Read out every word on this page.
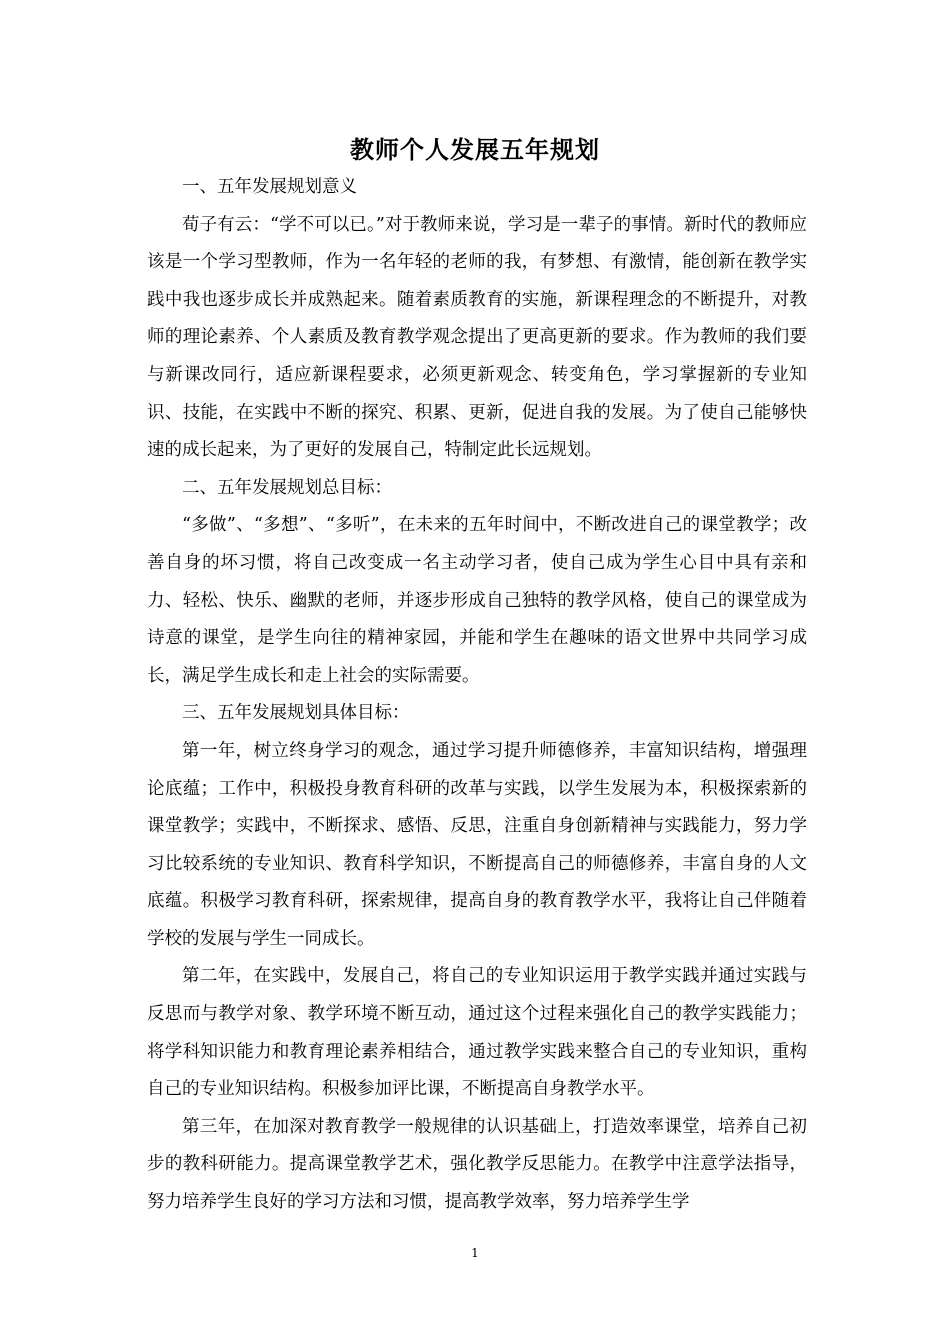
教师个人发展五年规划

一、五年发展规划意义

荀子有云：“学不可以已。”对于教师来说，学习是一辈子的事情。新时代的教师应该是一个学习型教师，作为一名年轻的老师的我，有梦想、有激情，能创新在教学实践中我也逐步成长并成熟起来。随着素质教育的实施，新课程理念的不断提升，对教师的理论素养、个人素质及教育教学观念提出了更高更新的要求。作为教师的我们要与新课改同行，适应新课程要求，必须更新观念、转变角色，学习掌握新的专业知识、技能，在实践中不断的探究、积累、更新，促进自我的发展。为了使自己能够快速的成长起来，为了更好的发展自己，特制定此长远规划。

二、五年发展规划总目标：

“多做”、“多想”、“多听”，在未来的五年时间中，不断改进自己的课堂教学；改善自身的坏习惯，将自己改变成一名主动学习者，使自己成为学生心目中具有亲和力、轻松、快乐、幽默的老师，并逐步形成自己独特的教学风格，使自己的课堂成为诗意的课堂，是学生向往的精神家园，并能和学生在趣味的语文世界中共同学习成长，满足学生成长和走上社会的实际需要。

三、五年发展规划具体目标：

第一年，树立终身学习的观念，通过学习提升师德修养，丰富知识结构，增强理论底蕴；工作中，积极投身教育科研的改革与实践，以学生发展为本，积极探索新的课堂教学；实践中，不断探求、感悟、反思，注重自身创新精神与实践能力，努力学习比较系统的专业知识、教育科学知识，不断提高自己的师德修养，丰富自身的人文底蕴。积极学习教育科研，探索规律，提高自身的教育教学水平，我将让自己伴随着学校的发展与学生一同成长。

第二年，在实践中，发展自己，将自己的专业知识运用于教学实践并通过实践与反思而与教学对象、教学环境不断互动，通过这个过程来强化自己的教学实践能力；将学科知识能力和教育理论素养相结合，通过教学实践来整合自己的专业知识，重构自己的专业知识结构。积极参加评比课，不断提高自身教学水平。

第三年，在加深对教育教学一般规律的认识基础上，打造效率课堂，培养自己初步的教科研能力。提高课堂教学艺术，强化教学反思能力。在教学中注意学法指导，努力培养学生良好的学习方法和习惯，提高教学效率，努力培养学生学

1
